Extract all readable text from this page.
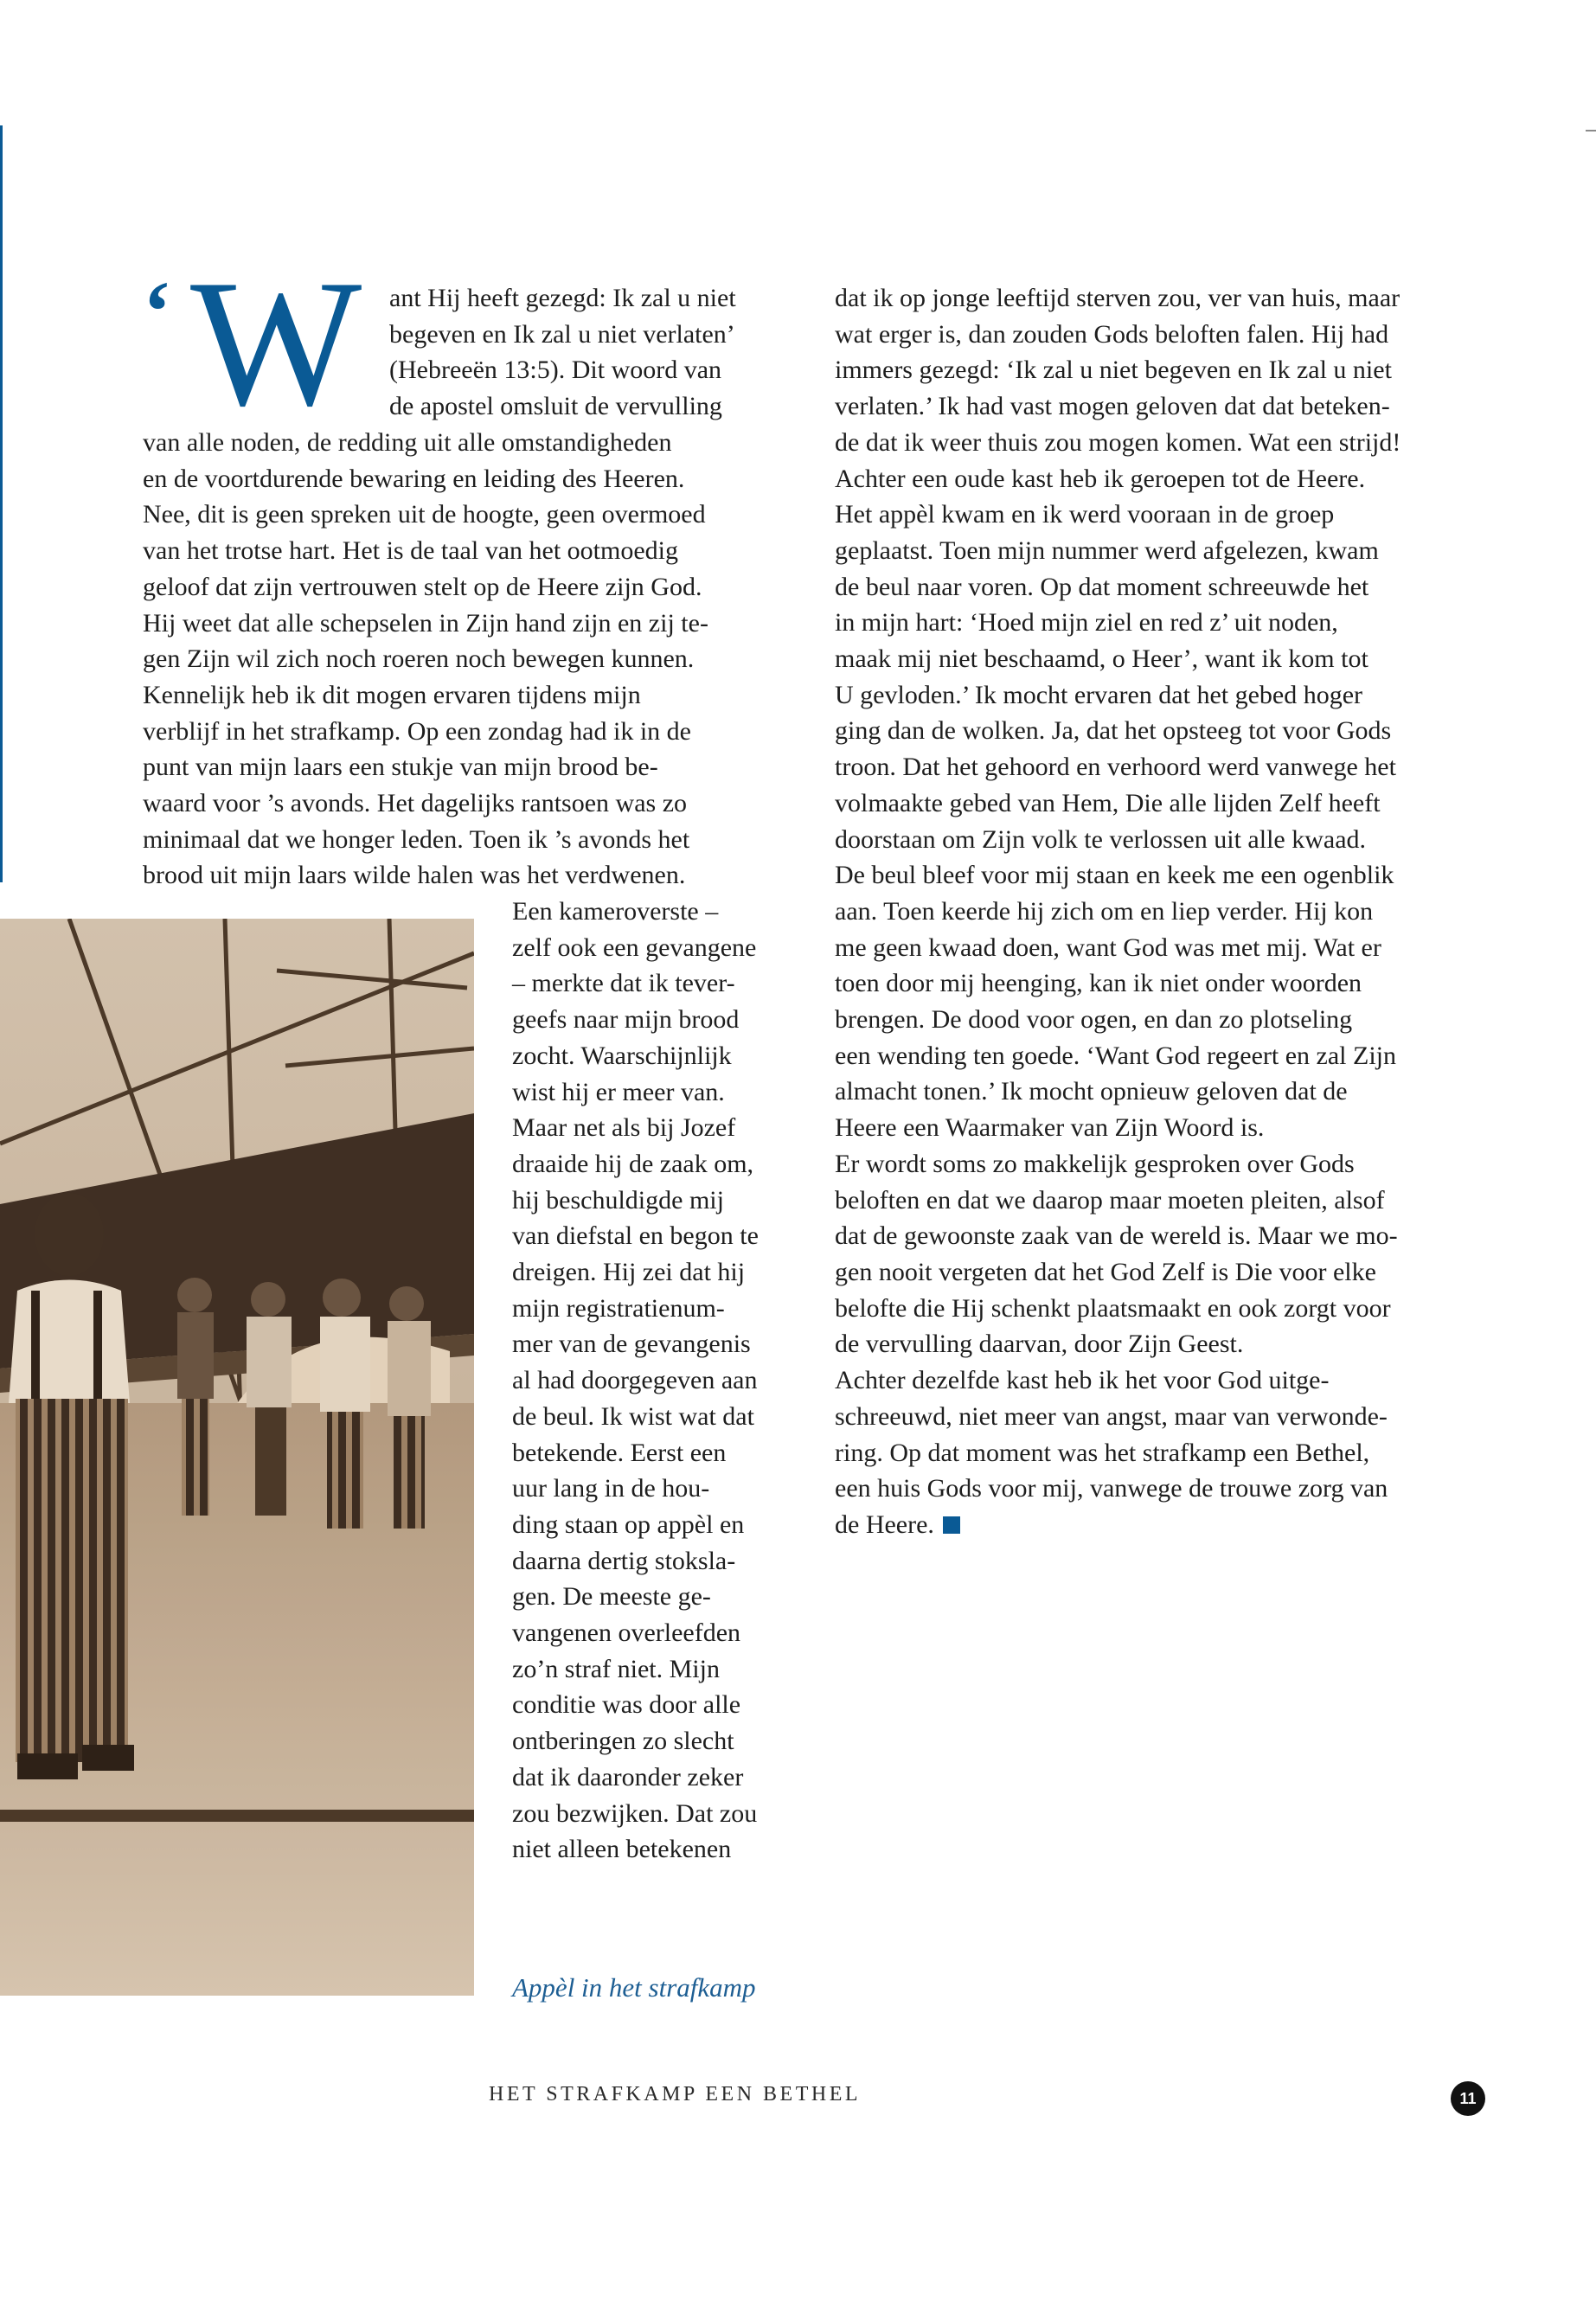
‘ W ant Hij heeft gezegd: Ik zal u niet
begeven en Ik zal u niet verlaten’
(Hebreeën 13:5). Dit woord van
de apostel omsluit de vervulling
van alle noden, de redding uit alle omstandigheden
en de voortdurende bewaring en leiding des Heeren.
Nee, dit is geen spreken uit de hoogte, geen overmoed
van het trotse hart. Het is de taal van het ootmoedig
geloof dat zijn vertrouwen stelt op de Heere zijn God.
Hij weet dat alle schepselen in Zijn hand zijn en zij te-
gen Zijn wil zich noch roeren noch bewegen kunnen.
Kennelijk heb ik dit mogen ervaren tijdens mijn
verblijf in het strafkamp. Op een zondag had ik in de
punt van mijn laars een stukje van mijn brood be-
waard voor ’s avonds. Het dagelijks rantsoen was zo
minimaal dat we honger leden. Toen ik ’s avonds het
brood uit mijn laars wilde halen was het verdwenen.
Een kameroverste –
zelf ook een gevangene
– merkte dat ik tever-
geefs naar mijn brood
zocht. Waarschijnlijk
wist hij er meer van.
Maar net als bij Jozef
draaide hij de zaak om,
hij beschuldigde mij
van diefstal en begon te
dreigen. Hij zei dat hij
mijn registratienum-
mer van de gevangenis
al had doorgegeven aan
de beul. Ik wist wat dat
betekende. Eerst een
uur lang in de hou-
ding staan op appèl en
daarna dertig stoksla-
gen. De meeste ge-
vangenen overleefden
zo’n straf niet. Mijn
conditie was door alle
ontberingen zo slecht
dat ik daaronder zeker
zou bezwijken. Dat zou
niet alleen betekenen
Appèl in het strafkamp
dat ik op jonge leeftijd sterven zou, ver van huis, maar
wat erger is, dan zouden Gods beloften falen. Hij had
immers gezegd: ‘Ik zal u niet begeven en Ik zal u niet
verlaten.’ Ik had vast mogen geloven dat dat beteken-
de dat ik weer thuis zou mogen komen. Wat een strijd!
Achter een oude kast heb ik geroepen tot de Heere.
Het appèl kwam en ik werd vooraan in de groep
geplaatst. Toen mijn nummer werd afgelezen, kwam
de beul naar voren. Op dat moment schreeuwde het
in mijn hart: ‘Hoed mijn ziel en red z’ uit noden,
maak mij niet beschaamd, o Heer’, want ik kom tot
U gevloden.’ Ik mocht ervaren dat het gebed hoger
ging dan de wolken. Ja, dat het opsteeg tot voor Gods
troon. Dat het gehoord en verhoord werd vanwege het
volmaakte gebed van Hem, Die alle lijden Zelf heeft
doorstaan om Zijn volk te verlossen uit alle kwaad.
De beul bleef voor mij staan en keek me een ogenblik
aan. Toen keerde hij zich om en liep verder. Hij kon
me geen kwaad doen, want God was met mij. Wat er
toen door mij heenging, kan ik niet onder woorden
brengen. De dood voor ogen, en dan zo plotseling
een wending ten goede. ‘Want God regeert en zal Zijn
almacht tonen.’ Ik mocht opnieuw geloven dat de
Heere een Waarmaker van Zijn Woord is.
Er wordt soms zo makkelijk gesproken over Gods
beloften en dat we daarop maar moeten pleiten, alsof
dat de gewoonste zaak van de wereld is. Maar we mo-
gen nooit vergeten dat het God Zelf is Die voor elke
belofte die Hij schenkt plaatsmaakt en ook zorgt voor
de vervulling daarvan, door Zijn Geest.
Achter dezelfde kast heb ik het voor God uitge-
schreeuwd, niet meer van angst, maar van verwonde-
ring. Op dat moment was het strafkamp een Bethel,
een huis Gods voor mij, vanwege de trouwe zorg van
de Heere.
HET STRAFKAMP EEN BETHEL	11
